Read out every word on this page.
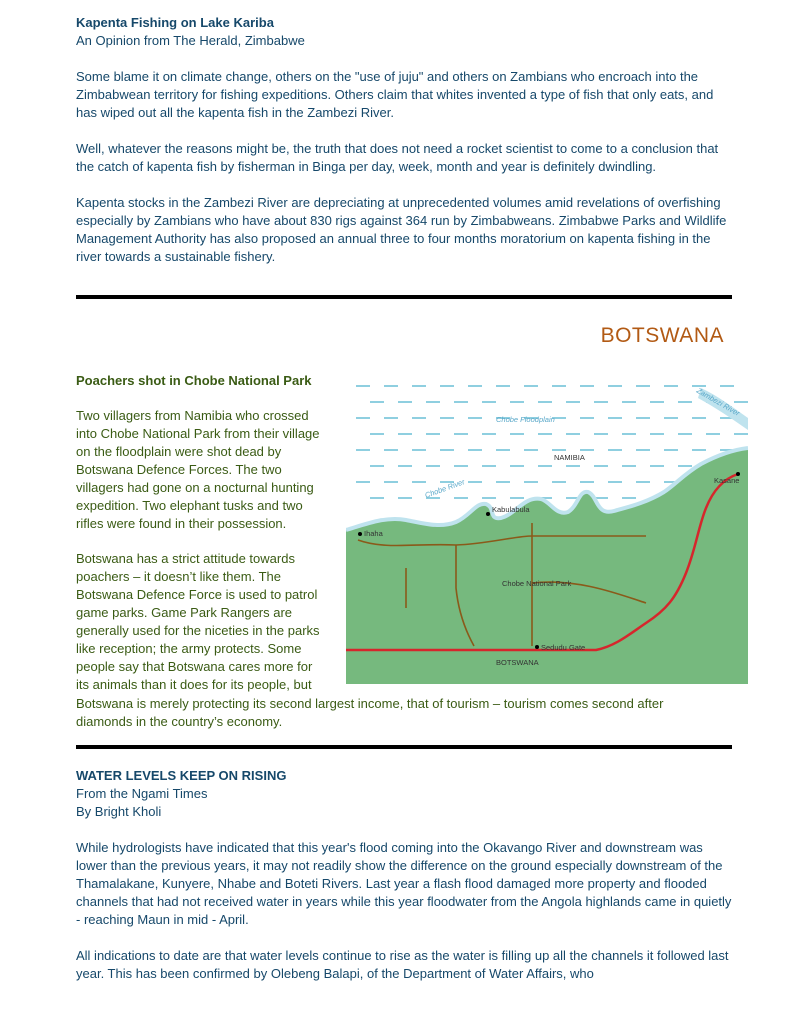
Kapenta Fishing on Lake Kariba

An Opinion from The Herald, Zimbabwe

Some blame it on climate change, others on the "use of juju" and others on Zambians who encroach into the Zimbabwean territory for fishing expeditions. Others claim that whites invented a type of fish that only eats, and has wiped out all the kapenta fish in the Zambezi River.

Well, whatever the reasons might be, the truth that does not need a rocket scientist to come to a conclusion that the catch of kapenta fish by fisherman in Binga per day, week, month and year is definitely dwindling.

Kapenta stocks in the Zambezi River are depreciating at unprecedented volumes amid revelations of overfishing especially by Zambians who have about 830 rigs against 364 run by Zimbabweans. Zimbabwe Parks and Wildlife Management Authority has also proposed an annual three to four months moratorium on kapenta fishing in the river towards a sustainable fishery.

BOTSWANA

Poachers shot in Chobe National Park

Two villagers from Namibia who crossed
into Chobe National Park from their village
on the floodplain were shot dead by
Botswana Defence Forces. The two
villagers had gone on a nocturnal hunting
expedition. Two elephant tusks and two
rifles were found in their possession.
Botswana has a strict attitude towards
poachers – it doesn’t like them. The
Botswana Defence Force is used to patrol
game parks. Game Park Rangers are
generally used for the niceties in the parks
like reception; the army protects. Some
people say that Botswana cares more for
its animals than it does for its people, but
Botswana is merely protecting its second largest income, that of tourism – tourism comes second after
diamonds in the country’s economy.
Chobe Floodplain
NAMIBIA
Zambezi River
Chobe River	Kasane
Kabulabula
Ihaha
Chobe National Park
Sedudu Gate
BOTSWANA

WATER LEVELS KEEP ON RISING

From the Ngami Times

By Bright Kholi

While hydrologists have indicated that this year's flood coming into the Okavango River and downstream was lower than the previous years, it may not readily show the difference on the ground especially downstream of the Thamalakane, Kunyere, Nhabe and Boteti Rivers. Last year a flash flood damaged more property and flooded channels that had not received water in years while this year floodwater from the Angola highlands came in quietly - reaching Maun in mid - April.

All indications to date are that water levels continue to rise as the water is filling up all the channels it followed last year. This has been confirmed by Olebeng Balapi, of the Department of Water Affairs, who
